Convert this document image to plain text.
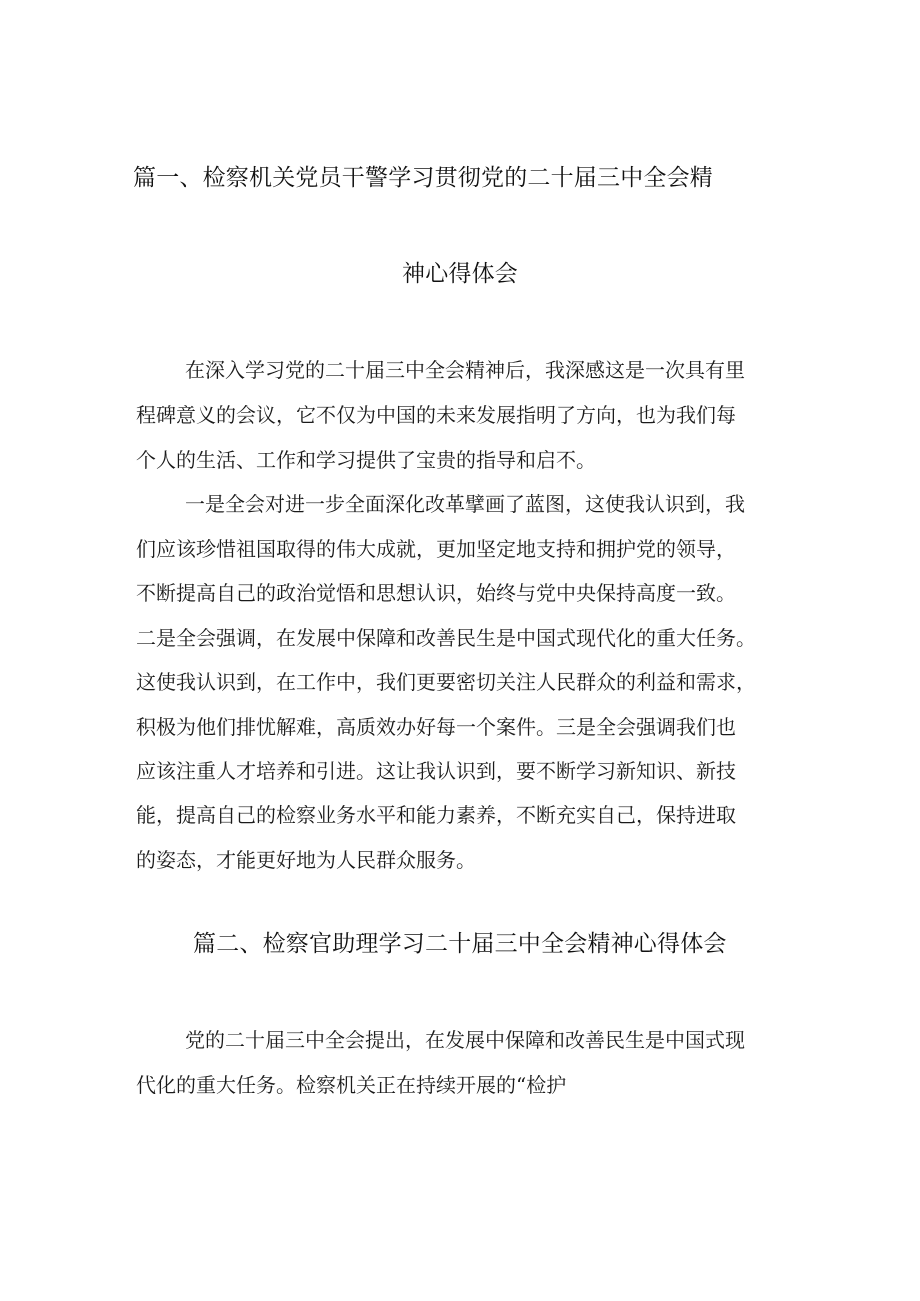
篇一、检察机关党员干警学习贯彻党的二十届三中全会精
神心得体会
在深入学习党的二十届三中全会精神后，我深感这是一次具有里
程碑意义的会议，它不仅为中国的未来发展指明了方向，也为我们每
个人的生活、工作和学习提供了宝贵的指导和启不。
一是全会对进一步全面深化改革擘画了蓝图，这使我认识到，我
们应该珍惜祖国取得的伟大成就，更加坚定地支持和拥护党的领导，
不断提高自己的政治觉悟和思想认识，始终与党中央保持高度一致。
二是全会强调，在发展中保障和改善民生是中国式现代化的重大任务。
这使我认识到，在工作中，我们更要密切关注人民群众的利益和需求，
积极为他们排忧解难，高质效办好每一个案件。三是全会强调我们也
应该注重人才培养和引进。这让我认识到，要不断学习新知识、新技
能，提高自己的检察业务水平和能力素养，不断充实自己，保持进取
的姿态，才能更好地为人民群众服务。
篇二、检察官助理学习二十届三中全会精神心得体会
党的二十届三中全会提出，在发展中保障和改善民生是中国式现
代化的重大任务。检察机关正在持续开展的“检护
